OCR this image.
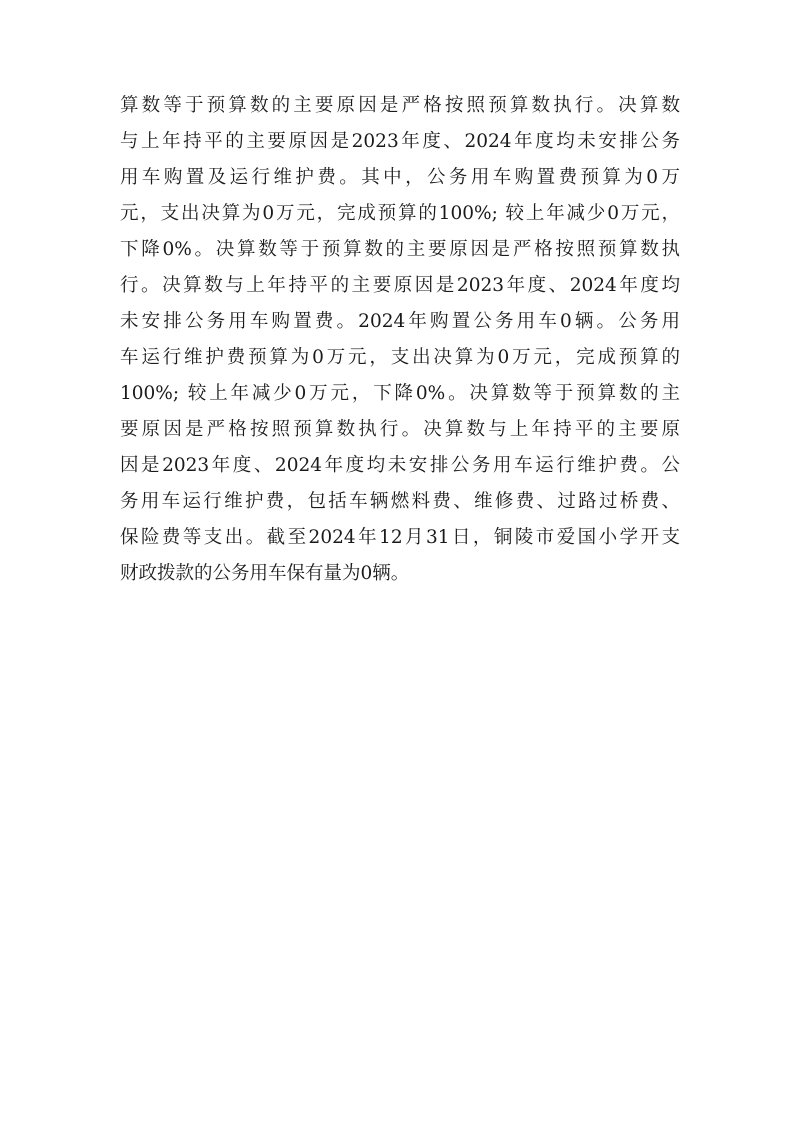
算数等于预算数的主要原因是严格按照预算数执行。决算数
与上年持平的主要原因是2023年度、2024年度均未安排公务
用车购置及运行维护费。其中，公务用车购置费预算为0万
元，支出决算为0万元，完成预算的100%; 较上年减少0万元，
下降0%。决算数等于预算数的主要原因是严格按照预算数执
行。决算数与上年持平的主要原因是2023年度、2024年度均
未安排公务用车购置费。2024年购置公务用车0辆。公务用
车运行维护费预算为0万元，支出决算为0万元，完成预算的
100%; 较上年减少0万元，下降0%。决算数等于预算数的主
要原因是严格按照预算数执行。决算数与上年持平的主要原
因是2023年度、2024年度均未安排公务用车运行维护费。公
务用车运行维护费，包括车辆燃料费、维修费、过路过桥费、
保险费等支出。截至2024年12月31日，铜陵市爱国小学开支
财政拨款的公务用车保有量为0辆。
